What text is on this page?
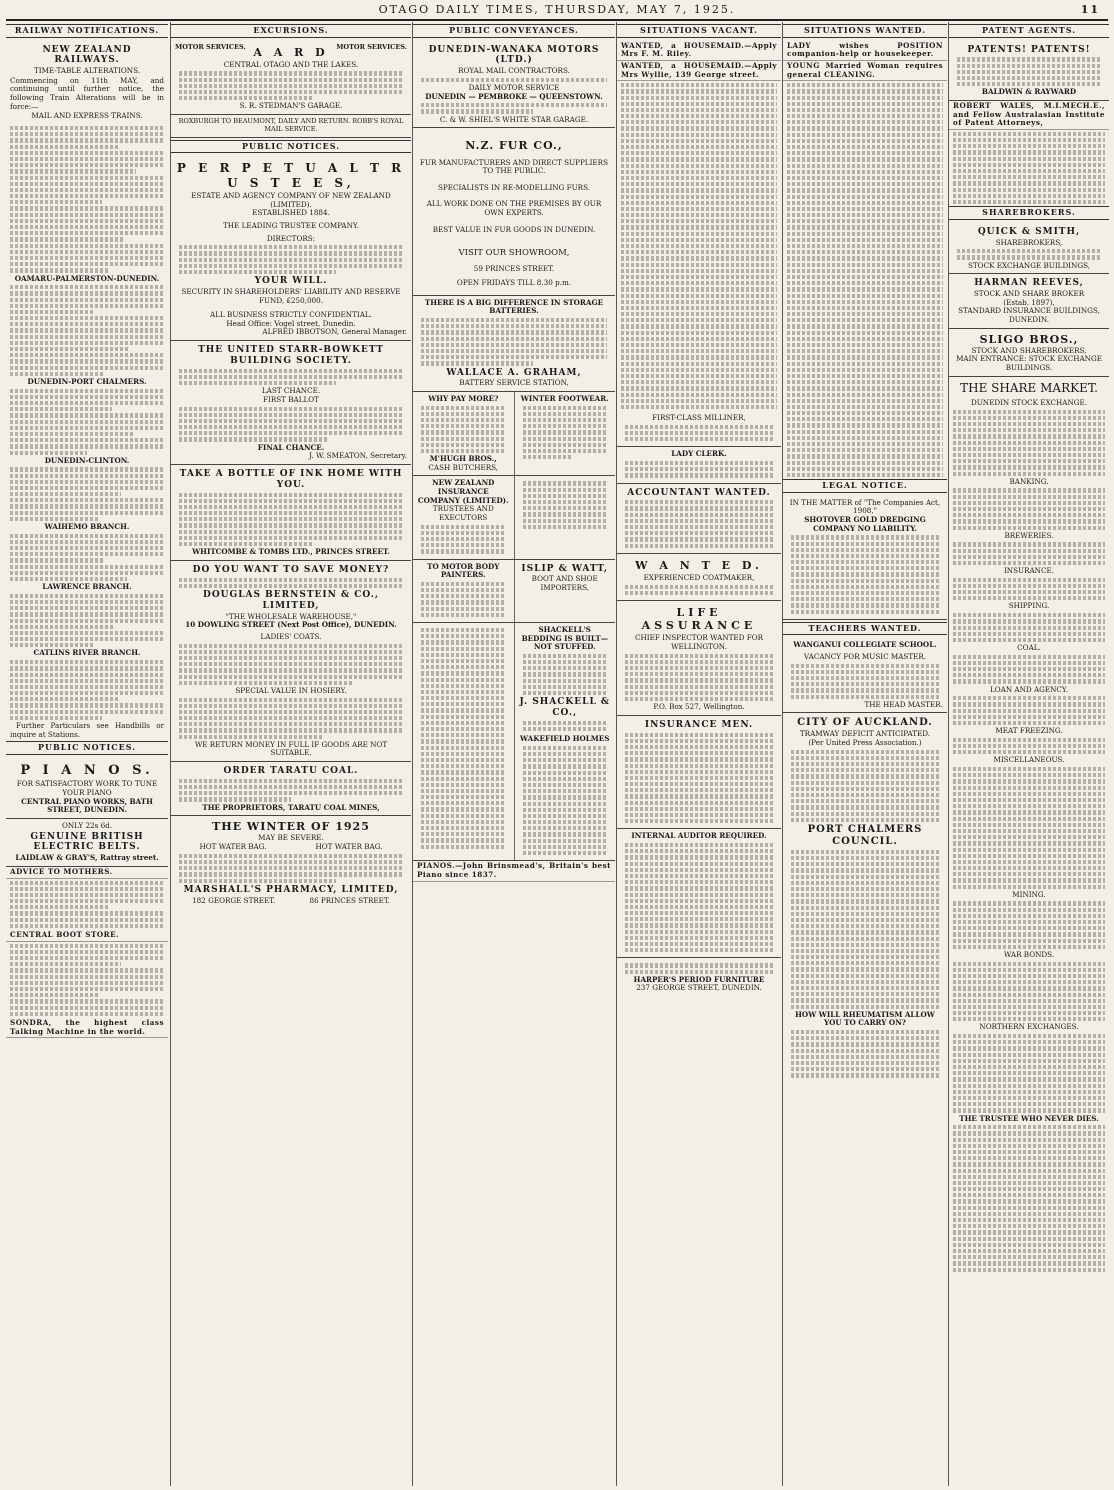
OTAGO DAILY TIMES, THURSDAY, MAY 7, 1925.	11
RAILWAY NOTIFICATIONS.
NEW ZEALAND RAILWAYS.
TIME-TABLE ALTERATIONS.

Commencing on 11th MAY, and continuing until further notice, the following Train Alterations will be in force:—

MAIL AND EXPRESS TRAINS.
OAMARU-PALMERSTON-DUNEDIN.
DUNEDIN-PORT CHALMERS.
DUNEDIN-CLINTON.
WAIHEMO BRANCH.
LAWRENCE BRANCH.
CATLINS RIVER BRANCH.

Further Particulars see Handbills or inquire at Stations.

PUBLIC NOTICES.
P I A N O S.
FOR SATISFACTORY WORK TO TUNE YOUR PIANO
CENTRAL PIANO WORKS, BATH STREET, DUNEDIN.
ONLY 22s 6d.
GENUINE BRITISH ELECTRIC BELTS.
LAIDLAW & GRAY'S, Rattray street.
ADVICE TO MOTHERS.
CENTRAL BOOT STORE.
SONDRA, the highest class Talking Machine in the world.
EXCURSIONS.
MOTOR SERVICES. A A R D MOTOR SERVICES.
CENTRAL OTAGO AND THE LAKES.
S. R. STEDMAN'S GARAGE.
ROXBURGH TO BEAUMONT, DAILY AND RETURN. ROBB'S ROYAL MAIL SERVICE.
PUBLIC NOTICES.
P E R P E T U A L T R U S T E E S,
ESTATE AND AGENCY COMPANY OF NEW ZEALAND (LIMITED).
ESTABLISHED 1884.
THE LEADING TRUSTEE COMPANY.
DIRECTORS:
YOUR WILL.
SECURITY IN SHAREHOLDERS' LIABILITY AND RESERVE FUND, £250,000.
ALL BUSINESS STRICTLY CONFIDENTIAL.
Head Office: Vogel street, Dunedin.
ALFRED IBBOTSON, General Manager.
THE UNITED STARR-BOWKETT BUILDING SOCIETY.
LAST CHANCE.
FIRST BALLOT
FINAL CHANCE.
J. W. SMEATON, Secretary.
TAKE A BOTTLE OF INK HOME WITH YOU.
WHITCOMBE & TOMBS LTD., PRINCES STREET.
DO YOU WANT TO SAVE MONEY?
DOUGLAS BERNSTEIN & CO., LIMITED,
"THE WHOLESALE WAREHOUSE,"
10 DOWLING STREET (Next Post Office), DUNEDIN.
LADIES' COATS.
SPECIAL VALUE IN HOSIERY.
WE RETURN MONEY IN FULL IF GOODS ARE NOT SUITABLE.
ORDER TARATU COAL.
THE PROPRIETORS, TARATU COAL MINES,
THE WINTER OF 1925
MAY BE SEVERE.
HOT WATER BAG.	HOT WATER BAG.
MARSHALL'S PHARMACY, LIMITED,
182 GEORGE STREET.	86 PRINCES STREET.
PUBLIC CONVEYANCES.
DUNEDIN-WANAKA MOTORS (LTD.)
ROYAL MAIL CONTRACTORS.
DAILY MOTOR SERVICE
DUNEDIN — PEMBROKE — QUEENSTOWN.
C. & W. SHIEL'S WHITE STAR GARAGE.
N.Z. FUR CO.,
FUR MANUFACTURERS AND DIRECT SUPPLIERS TO THE PUBLIC.
SPECIALISTS IN RE-MODELLING FURS.
ALL WORK DONE ON THE PREMISES BY OUR OWN EXPERTS.
BEST VALUE IN FUR GOODS IN DUNEDIN.
VISIT OUR SHOWROOM,
59 PRINCES STREET.
OPEN FRIDAYS TILL 8.30 p.m.
THERE IS A BIG DIFFERENCE IN STORAGE BATTERIES.
WALLACE A. GRAHAM,
BATTERY SERVICE STATION,
WHY PAY MORE?
M'HUGH BROS.,
CASH BUTCHERS,
WINTER FOOTWEAR.
NEW ZEALAND INSURANCE COMPANY (LIMITED).
TRUSTEES AND EXECUTORS
TO MOTOR BODY PAINTERS.
ISLIP & WATT,
BOOT AND SHOE IMPORTERS,
SHACKELL'S BEDDING IS BUILT—NOT STUFFED.
J. SHACKELL & CO.,
WAKEFIELD HOLMES
PIANOS.—John Brinsmead's, Britain's best Piano since 1837.
SITUATIONS VACANT.
WANTED, a HOUSEMAID.—Apply Mrs F. M. Riley.
WANTED, a HOUSEMAID.—Apply Mrs Wyllie, 139 George street.
FIRST-CLASS MILLINER,
LADY CLERK.
ACCOUNTANT WANTED.
W A N T E D.
EXPERIENCED COATMAKER,
LIFE ASSURANCE
CHIEF INSPECTOR WANTED FOR WELLINGTON.
P.O. Box 527, Wellington.
INSURANCE MEN.
INTERNAL AUDITOR REQUIRED.
HARPER'S PERIOD FURNITURE
237 GEORGE STREET, DUNEDIN.
SITUATIONS WANTED.
LADY wishes POSITION companion-help or housekeeper.
YOUNG Married Woman requires general CLEANING.
LEGAL NOTICE.
IN THE MATTER of "The Companies Act, 1908,"
SHOTOVER GOLD DREDGING COMPANY NO LIABILITY.
TEACHERS WANTED.
WANGANUI COLLEGIATE SCHOOL.
VACANCY FOR MUSIC MASTER.
THE HEAD MASTER.
CITY OF AUCKLAND.
TRAMWAY DEFICIT ANTICIPATED.
(Per United Press Association.)
PORT CHALMERS COUNCIL.
HOW WILL RHEUMATISM ALLOW YOU TO CARRY ON?
PATENT AGENTS.
PATENTS! PATENTS!
BALDWIN & RAYWARD
ROBERT WALES, M.I.MECH.E., and Fellow Australasian Institute of Patent Attorneys,
SHAREBROKERS.
QUICK & SMITH,
SHAREBROKERS,
STOCK EXCHANGE BUILDINGS,
HARMAN REEVES,
STOCK AND SHARE BROKER
(Estab. 1897),
STANDARD INSURANCE BUILDINGS, DUNEDIN.
SLIGO BROS.,
STOCK AND SHAREBROKERS,
MAIN ENTRANCE: STOCK EXCHANGE BUILDINGS.
THE SHARE MARKET.
DUNEDIN STOCK EXCHANGE.
BANKING.
BREWERIES.
INSURANCE.
SHIPPING.
COAL.
LOAN AND AGENCY.
MEAT FREEZING.
MISCELLANEOUS.
MINING.
WAR BONDS.
NORTHERN EXCHANGES.
THE TRUSTEE WHO NEVER DIES.
